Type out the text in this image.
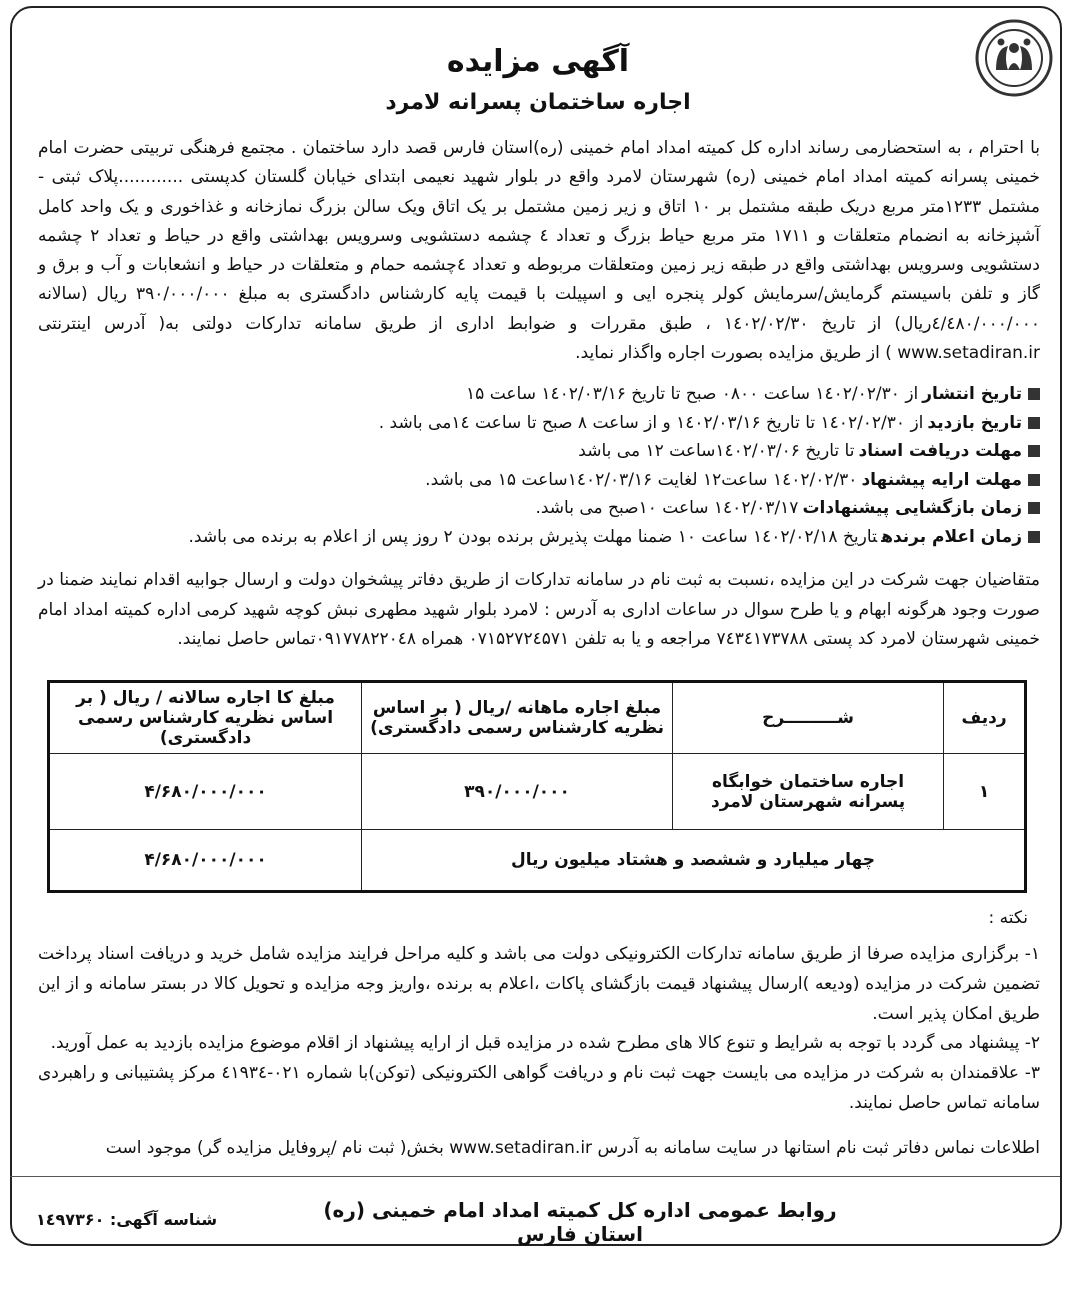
آگهی مزایده
اجاره ساختمان پسرانه لامرد

با احترام ، به استحضارمی رساند اداره کل کمیته امداد امام خمینی (ره)استان فارس قصد دارد ساختمان . مجتمع فرهنگی تربیتی حضرت امام خمینی پسرانه کمیته امداد امام خمینی (ره) شهرستان لامرد واقع در بلوار شهید نعیمی ابتدای خیابان گلستان کدپستی ............پلاک ثبتی - مشتمل ۱۲۳۳متر مربع دریک طبقه مشتمل بر ۱۰ اتاق و زیر زمین مشتمل بر یک اتاق ویک سالن بزرگ نمازخانه و غذاخوری و یک واحد کامل آشپزخانه به انضمام متعلقات و ۱۷۱۱ متر مربع حیاط بزرگ و تعداد ٤ چشمه دستشویی وسرویس بهداشتی واقع در حیاط و تعداد ۲ چشمه دستشویی وسرویس بهداشتی واقع در طبقه زیر زمین ومتعلقات مربوطه و تعداد ٤چشمه حمام و متعلقات در حیاط و انشعابات و آب و برق و گاز و تلفن باسیستم گرمایش/سرمایش کولر پنجره ایی و اسپیلت با قیمت پایه کارشناس دادگستری به مبلغ ۳۹۰/۰۰۰/۰۰۰ ریال (سالانه ٤/٤۸۰/۰۰۰/۰۰۰ریال) از تاریخ ۱٤۰۲/۰۲/۳۰ ، طبق مقررات و ضوابط اداری از طریق سامانه تدارکات دولتی به( آدرس اینترنتی www.setadiran.ir ) از طریق مزایده بصورت اجاره واگذار نماید.

تاریخ انتشاراز ۱٤۰۲/۰۲/۳۰ ساعت ۰۸۰۰ صبح تا تاریخ ۱٤۰۲/۰۳/۱۶ ساعت ۱۵
تاریخ بازدیداز ۱٤۰۲/۰۲/۳۰ تا تاریخ ۱٤۰۲/۰۳/۱۶ و از ساعت ۸ صبح تا ساعت ۱٤می باشد .
مهلت دریافت اسنادتا تاریخ ۱٤۰۲/۰۳/۰۶ساعت ۱۲ می باشد
مهلت ارایه پیشنهاد۱٤۰۲/۰۲/۳۰ ساعت۱۲ لغایت ۱٤۰۲/۰۳/۱۶ساعت ۱۵ می باشد.
زمان بازگشایی پیشنهادات۱٤۰۲/۰۳/۱۷ ساعت ۱۰صبح می باشد.
زمان اعلام برندهتاریخ ۱٤۰۲/۰۲/۱۸ ساعت ۱۰ ضمنا مهلت پذیرش برنده بودن ۲ روز پس از اعلام به برنده می باشد.

متقاضیان جهت شرکت در این مزایده ،نسبت به ثبت نام در سامانه تدارکات از طریق دفاتر پیشخوان دولت و ارسال جوابیه اقدام نمایند ضمنا در صورت وجود هرگونه ابهام و یا طرح سوال در ساعات اداری به آدرس : لامرد بلوار شهید مطهری نبش کوچه شهید کرمی اداره کمیته امداد امام خمینی شهرستان لامرد کد پستی ۷٤۳٤۱۷۳۷۸۸ مراجعه و یا به تلفن ۰۷۱۵۲۷۲٤۵۷۱ همراه ۰۹۱۷۷۸۲۲۰٤۸تماس حاصل نمایند.

ردیف	شـــــــــرح	مبلغ اجاره ماهانه /ریال ( بر اساس نظریه کارشناس رسمی دادگستری)	مبلغ کا اجاره سالانه / ریال ( بر اساس نظریه کارشناس رسمی دادگستری)
۱	اجاره ساختمان خوابگاه پسرانه شهرستان لامرد	۳۹۰/۰۰۰/۰۰۰	۴/۶۸۰/۰۰۰/۰۰۰
چهار میلیارد و ششصد و هشتاد میلیون ریال			۴/۶۸۰/۰۰۰/۰۰۰

نکته :

۱- برگزاری مزایده صرفا از طریق سامانه تدارکات الکترونیکی دولت می باشد و کلیه مراحل فرایند مزایده شامل خرید و دریافت اسناد پرداخت تضمین شرکت در مزایده (ودیعه )ارسال پیشنهاد قیمت بازگشای پاکات ،اعلام به برنده ،واریز وجه مزایده و تحویل کالا در بستر سامانه و از این طریق امکان پذیر است.
۲- پیشنهاد می گردد با توجه به شرایط و تنوع کالا های مطرح شده در مزایده قبل از ارایه پیشنهاد از اقلام موضوع مزایده بازدید به عمل آورید.
۳- علاقمندان به شرکت در مزایده می بایست جهت ثبت نام و دریافت گواهی الکترونیکی (توکن)با شماره ۰۲۱-٤۱۹۳٤ مرکز پشتیبانی و راهبردی سامانه تماس حاصل نمایند.

اطلاعات نماس دفاتر ثبت نام استانها در سایت سامانه به آدرس www.setadiran.ir بخش( ثبت نام /پروفایل مزایده گر) موجود است

روابط عمومی اداره کل کمیته امداد امام خمینی (ره) استان فارس

شناسه آگهی: ۱٤۹۷۳۶۰
